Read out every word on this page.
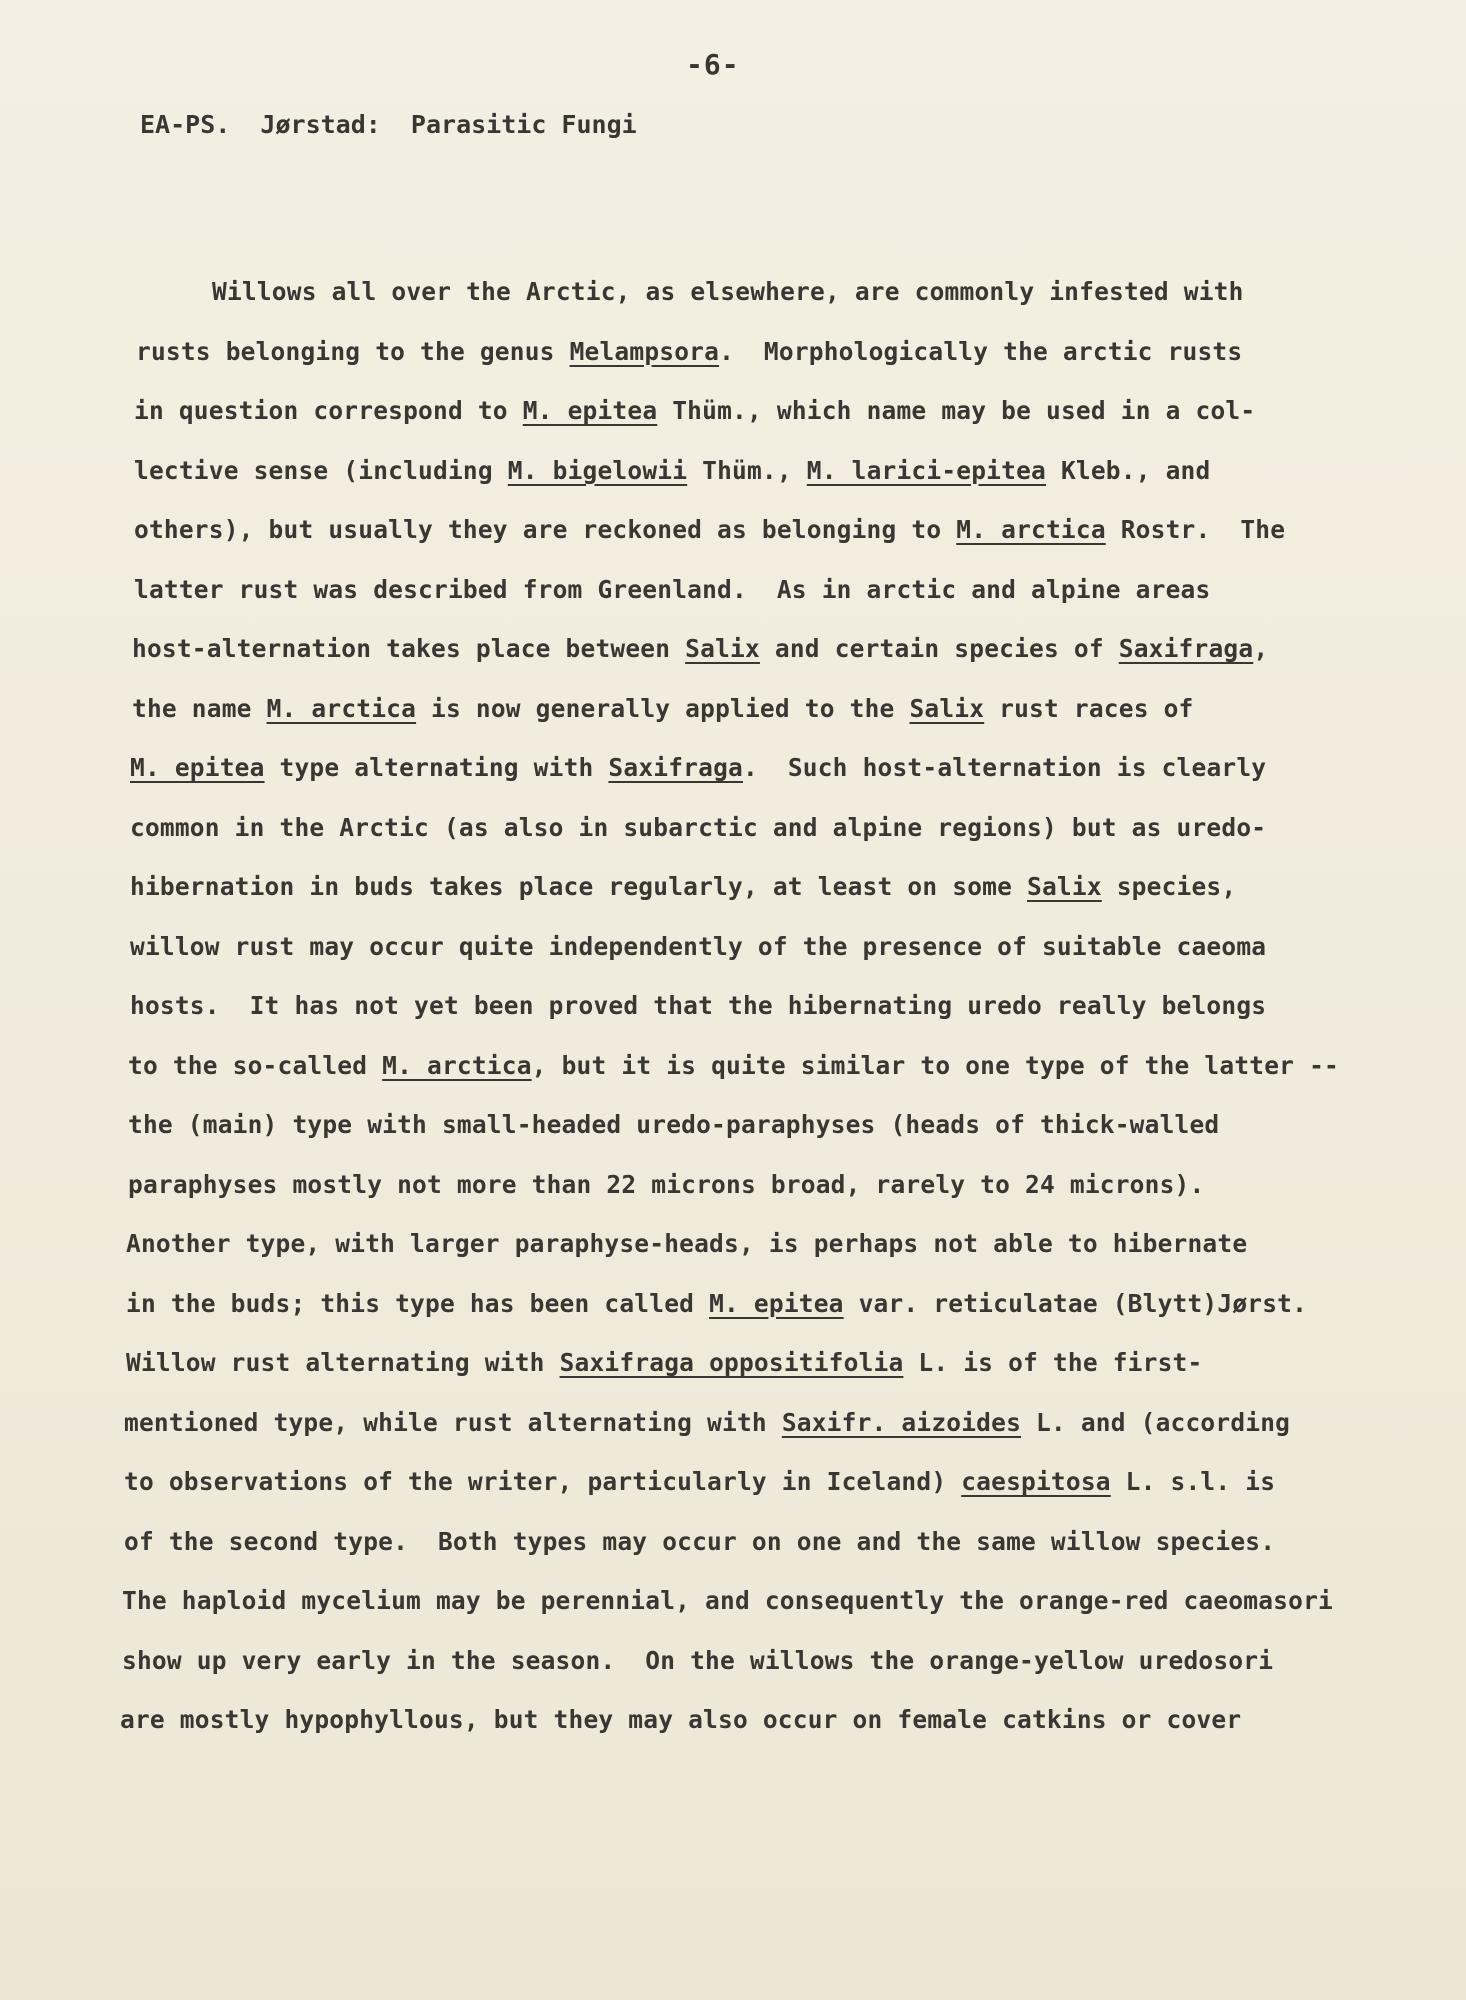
-6-
EA-PS.  Jørstad:  Parasitic Fungi
Willows all over the Arctic, as elsewhere, are commonly infested with
rusts belonging to the genus Melampsora.  Morphologically the arctic rusts
in question correspond to M. epitea Thüm., which name may be used in a col-
lective sense (including M. bigelowii Thüm., M. larici-epitea Kleb., and
others), but usually they are reckoned as belonging to M. arctica Rostr.  The
latter rust was described from Greenland.  As in arctic and alpine areas
host-alternation takes place between Salix and certain species of Saxifraga,
the name M. arctica is now generally applied to the Salix rust races of
M. epitea type alternating with Saxifraga.  Such host-alternation is clearly
common in the Arctic (as also in subarctic and alpine regions) but as uredo-
hibernation in buds takes place regularly, at least on some Salix species,
willow rust may occur quite independently of the presence of suitable caeoma
hosts.  It has not yet been proved that the hibernating uredo really belongs
to the so-called M. arctica, but it is quite similar to one type of the latter --
the (main) type with small-headed uredo-paraphyses (heads of thick-walled
paraphyses mostly not more than 22 microns broad, rarely to 24 microns).
Another type, with larger paraphyse-heads, is perhaps not able to hibernate
in the buds; this type has been called M. epitea var. reticulatae (Blytt)Jørst.
Willow rust alternating with Saxifraga oppositifolia L. is of the first-
mentioned type, while rust alternating with Saxifr. aizoides L. and (according
to observations of the writer, particularly in Iceland) caespitosa L. s.l. is
of the second type.  Both types may occur on one and the same willow species.
The haploid mycelium may be perennial, and consequently the orange-red caeomasori
show up very early in the season.  On the willows the orange-yellow uredosori
are mostly hypophyllous, but they may also occur on female catkins or cover
